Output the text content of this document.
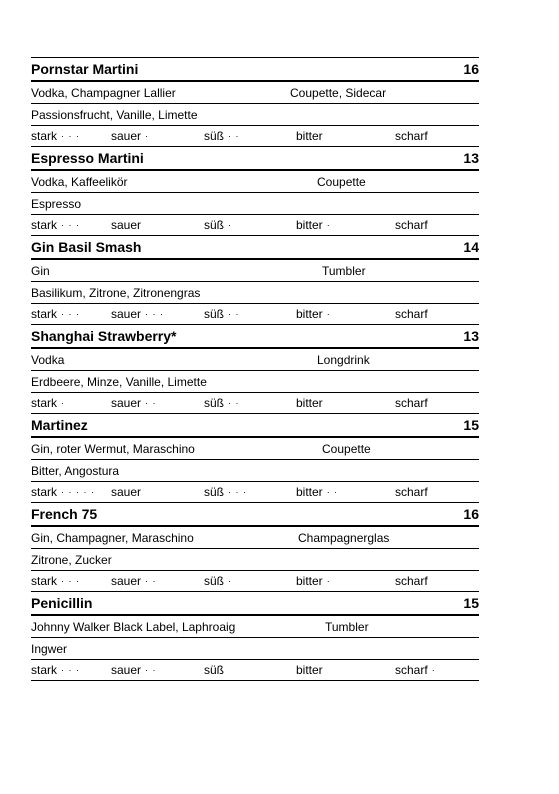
Pornstar Martini	16
Vodka, Champagner Lallier	Coupette, Sidecar
Passionsfrucht, Vanille, Limette
stark · · ·	sauer ·	süß · ·	bitter	scharf
Espresso Martini	13
Vodka, Kaffeelikör	Coupette
Espresso
stark · · ·	sauer	süß ·	bitter ·	scharf
Gin Basil Smash	14
Gin	Tumbler
Basilikum, Zitrone, Zitronengras
stark · · ·	sauer · · ·	süß · ·	bitter ·	scharf
Shanghai Strawberry*	13
Vodka	Longdrink
Erdbeere, Minze, Vanille, Limette
stark ·	sauer · ·	süß · ·	bitter	scharf
Martinez	15
Gin, roter Wermut, Maraschino	Coupette
Bitter, Angostura
stark · · · · · sauer	süß · · ·	bitter · ·	scharf
French 75	16
Gin, Champagner, Maraschino	Champagnerglas
Zitrone, Zucker
stark · · ·	sauer · ·	süß ·	bitter ·	scharf
Penicillin	15
Johnny Walker Black Label, Laphroaig	Tumbler
Ingwer
stark · · ·	sauer · ·	süß	bitter	scharf ·
